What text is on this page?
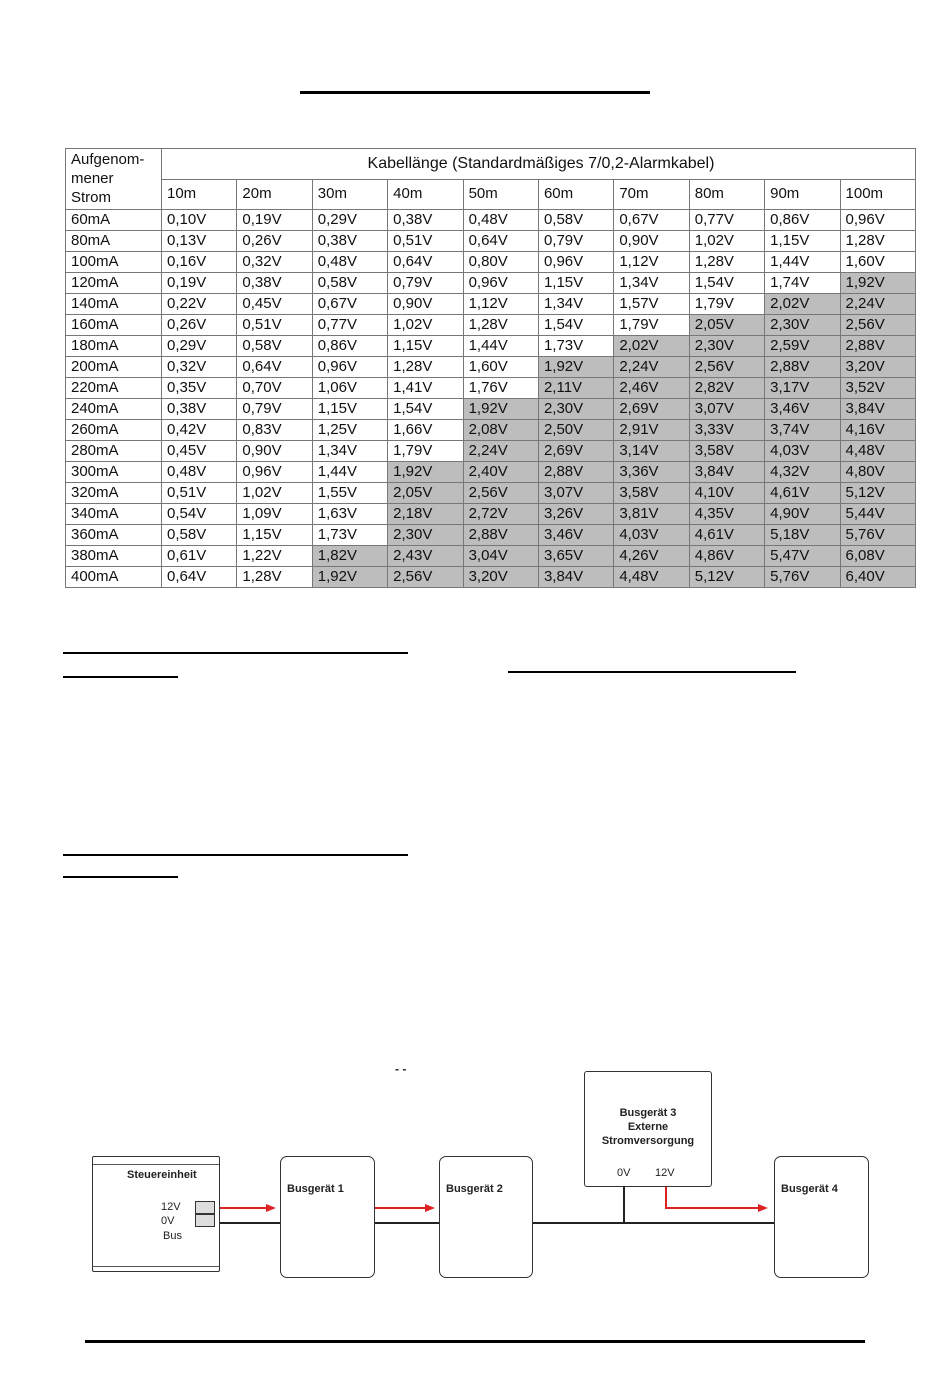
Aufgenom-
mener
Strom	Kabellänge (Standardmäßiges 7/0,2-Alarmkabel)									
	10m	20m	30m	40m	50m	60m	70m	80m	90m	100m
60mA	0,10V	0,19V	0,29V	0,38V	0,48V	0,58V	0,67V	0,77V	0,86V	0,96V
80mA	0,13V	0,26V	0,38V	0,51V	0,64V	0,79V	0,90V	1,02V	1,15V	1,28V
100mA	0,16V	0,32V	0,48V	0,64V	0,80V	0,96V	1,12V	1,28V	1,44V	1,60V
120mA	0,19V	0,38V	0,58V	0,79V	0,96V	1,15V	1,34V	1,54V	1,74V	1,92V
140mA	0,22V	0,45V	0,67V	0,90V	1,12V	1,34V	1,57V	1,79V	2,02V	2,24V
160mA	0,26V	0,51V	0,77V	1,02V	1,28V	1,54V	1,79V	2,05V	2,30V	2,56V
180mA	0,29V	0,58V	0,86V	1,15V	1,44V	1,73V	2,02V	2,30V	2,59V	2,88V
200mA	0,32V	0,64V	0,96V	1,28V	1,60V	1,92V	2,24V	2,56V	2,88V	3,20V
220mA	0,35V	0,70V	1,06V	1,41V	1,76V	2,11V	2,46V	2,82V	3,17V	3,52V
240mA	0,38V	0,79V	1,15V	1,54V	1,92V	2,30V	2,69V	3,07V	3,46V	3,84V
260mA	0,42V	0,83V	1,25V	1,66V	2,08V	2,50V	2,91V	3,33V	3,74V	4,16V
280mA	0,45V	0,90V	1,34V	1,79V	2,24V	2,69V	3,14V	3,58V	4,03V	4,48V
300mA	0,48V	0,96V	1,44V	1,92V	2,40V	2,88V	3,36V	3,84V	4,32V	4,80V
320mA	0,51V	1,02V	1,55V	2,05V	2,56V	3,07V	3,58V	4,10V	4,61V	5,12V
340mA	0,54V	1,09V	1,63V	2,18V	2,72V	3,26V	3,81V	4,35V	4,90V	5,44V
360mA	0,58V	1,15V	1,73V	2,30V	2,88V	3,46V	4,03V	4,61V	5,18V	5,76V
380mA	0,61V	1,22V	1,82V	2,43V	3,04V	3,65V	4,26V	4,86V	5,47V	6,08V
400mA	0,64V	1,28V	1,92V	2,56V	3,20V	3,84V	4,48V	5,12V	5,76V	6,40V
- -
Steuereinheit
12V
0V
Bus
Busgerät 1	Busgerät 2
Busgerät 3
Externe
Stromversorgung
0V 12V
Busgerät 4
